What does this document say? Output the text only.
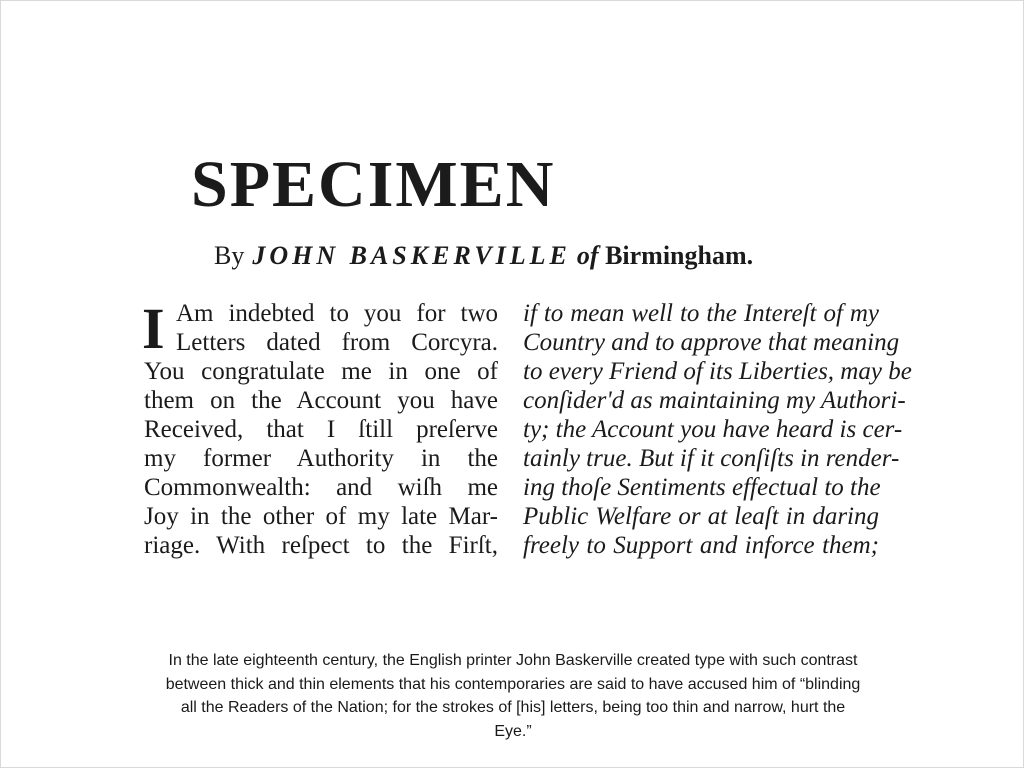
SPECIMEN

By JOHN BASKERVILLE of Birmingham.

I Am indebted to you for two
Letters dated from Corcyra.
You congratulate me in one of
them on the Account you have
Received, that I ſtill preſerve
my former Authority in the
Commonwealth: and wiſh me
Joy in the other of my late Mar-
riage. With reſpect to the Firſt,
if to mean well to the Intereſt of my
Country and to approve that meaning
to every Friend of its Liberties, may be
conſider'd as maintaining my Authori-
ty; the Account you have heard is cer-
tainly true. But if it conſiſts in render-
ing thoſe Sentiments effectual to the
Public Welfare or at leaſt in daring
freely to Support and inforce them;

In the late eighteenth century, the English printer John Baskerville created type with such contrast between thick and thin elements that his contemporaries are said to have accused him of “blinding all the Readers of the Nation; for the strokes of [his] letters, being too thin and narrow, hurt the Eye.”
